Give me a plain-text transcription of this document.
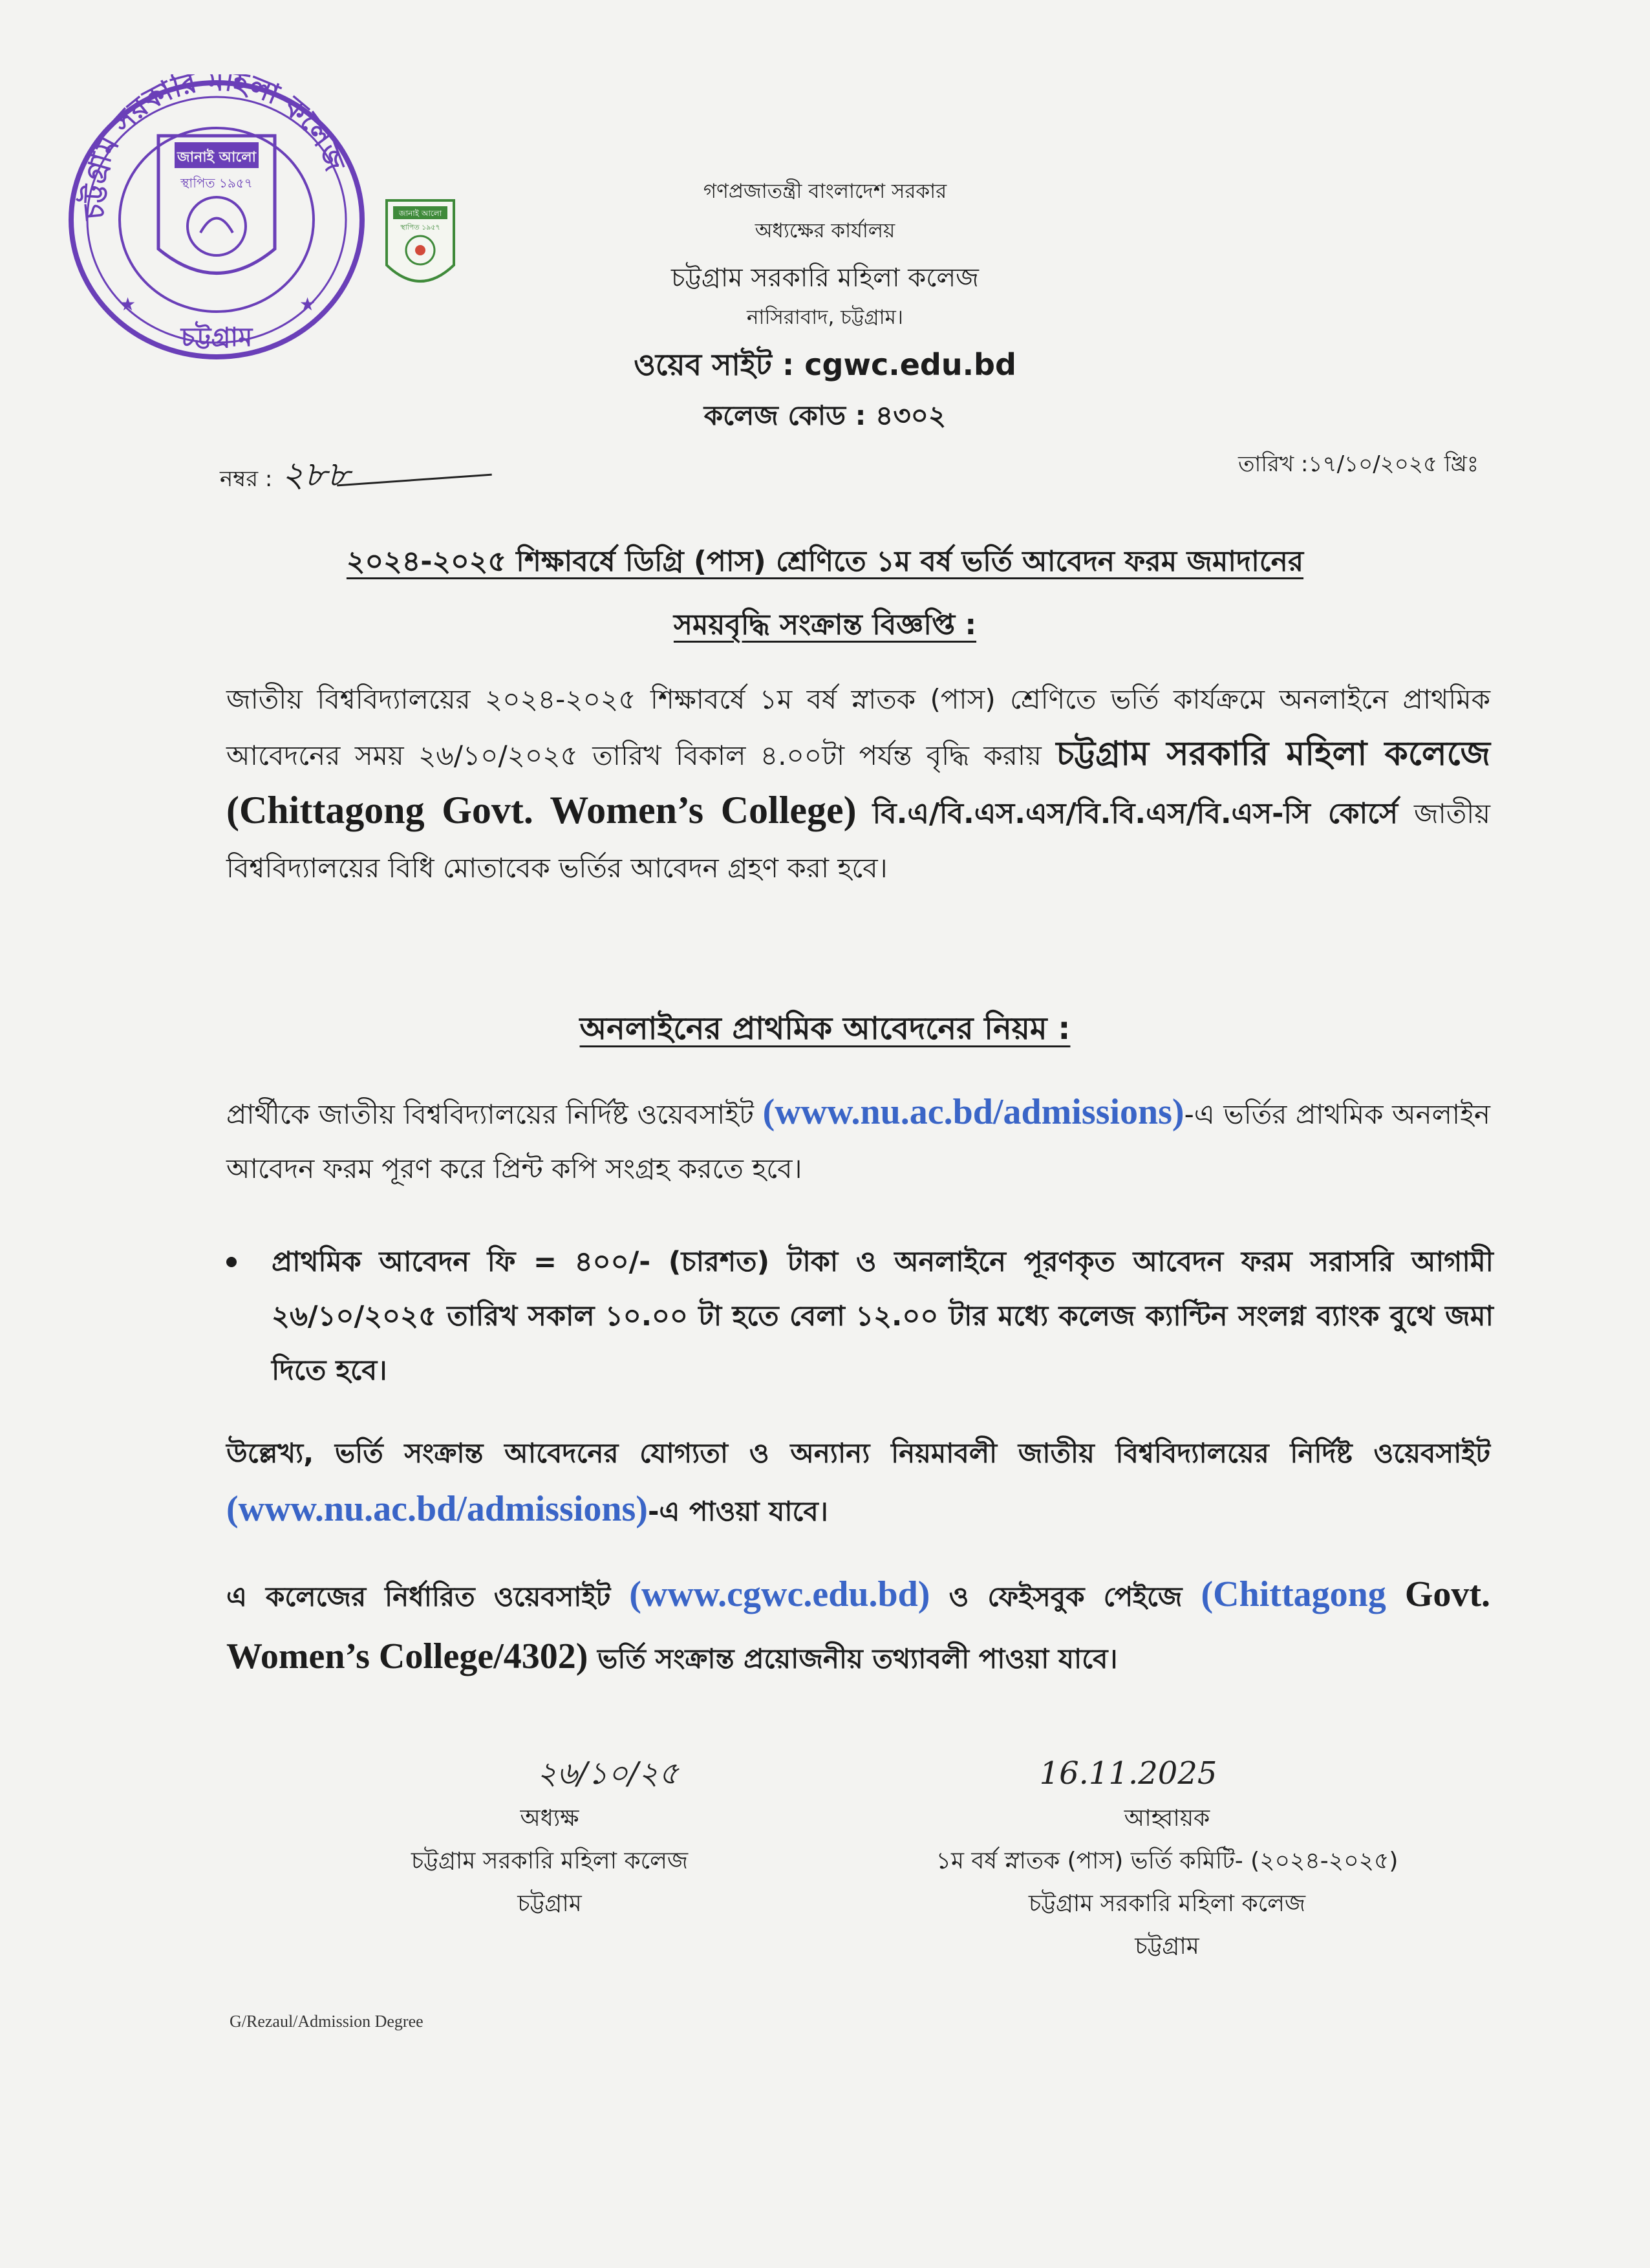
চট্টগ্রাম সরকারি মহিলা কলেজ
চট্টগ্রাম
★	★
জানাই আলো
স্থাপিত ১৯৫৭
জানাই আলো
স্থাপিত ১৯৫৭
গণপ্রজাতন্ত্রী বাংলাদেশ সরকার
অধ্যক্ষের কার্যালয়
চট্টগ্রাম সরকারি মহিলা কলেজ
নাসিরাবাদ, চট্টগ্রাম।
ওয়েব সাইট : cgwc.edu.bd
কলেজ কোড : ৪৩০২
নম্বর : ২৮৮	তারিখ :১৭/১০/২০২৫ খ্রিঃ
২০২৪-২০২৫ শিক্ষাবর্ষে ডিগ্রি (পাস) শ্রেণিতে ১ম বর্ষ ভর্তি আবেদন ফরম জমাদানের
সময়বৃদ্ধি সংক্রান্ত বিজ্ঞপ্তি :
জাতীয় বিশ্ববিদ্যালয়ের ২০২৪-২০২৫ শিক্ষাবর্ষে ১ম বর্ষ স্নাতক (পাস) শ্রেণিতে ভর্তি কার্যক্রমে অনলাইনে প্রাথমিক আবেদনের সময় ২৬/১০/২০২৫ তারিখ বিকাল ৪.০০টা পর্যন্ত বৃদ্ধি করায় চট্টগ্রাম সরকারি মহিলা কলেজে (Chittagong Govt. Women’s College) বি.এ/বি.এস.এস/বি.বি.এস/বি.এস-সি কোর্সে জাতীয় বিশ্ববিদ্যালয়ের বিধি মোতাবেক ভর্তির আবেদন গ্রহণ করা হবে।
অনলাইনের প্রাথমিক আবেদনের নিয়ম :
প্রার্থীকে জাতীয় বিশ্ববিদ্যালয়ের নির্দিষ্ট ওয়েবসাইট (www.nu.ac.bd/admissions)-এ ভর্তির প্রাথমিক অনলাইন আবেদন ফরম পূরণ করে প্রিন্ট কপি সংগ্রহ করতে হবে।
প্রাথমিক আবেদন ফি = ৪০০/- (চারশত) টাকা ও অনলাইনে পূরণকৃত আবেদন ফরম সরাসরি আগামী ২৬/১০/২০২৫ তারিখ সকাল ১০.০০ টা হতে বেলা ১২.০০ টার মধ্যে কলেজ ক্যান্টিন সংলগ্ন ব্যাংক বুথে জমা দিতে হবে।
উল্লেখ্য, ভর্তি সংক্রান্ত আবেদনের যোগ্যতা ও অন্যান্য নিয়মাবলী জাতীয় বিশ্ববিদ্যালয়ের নির্দিষ্ট ওয়েবসাইট (www.nu.ac.bd/admissions)-এ পাওয়া যাবে।
এ কলেজের নির্ধারিত ওয়েবসাইট (www.cgwc.edu.bd) ও ফেইসবুক পেইজে (Chittagong Govt. Women’s College/4302) ভর্তি সংক্রান্ত প্রয়োজনীয় তথ্যাবলী পাওয়া যাবে।
২৬/১০/২৫
অধ্যক্ষ
চট্টগ্রাম সরকারি মহিলা কলেজ
চট্টগ্রাম
16.11.2025
আহ্বায়ক
১ম বর্ষ স্নাতক (পাস) ভর্তি কমিটি- (২০২৪-২০২৫)
চট্টগ্রাম সরকারি মহিলা কলেজ
চট্টগ্রাম
G/Rezaul/Admission Degree
